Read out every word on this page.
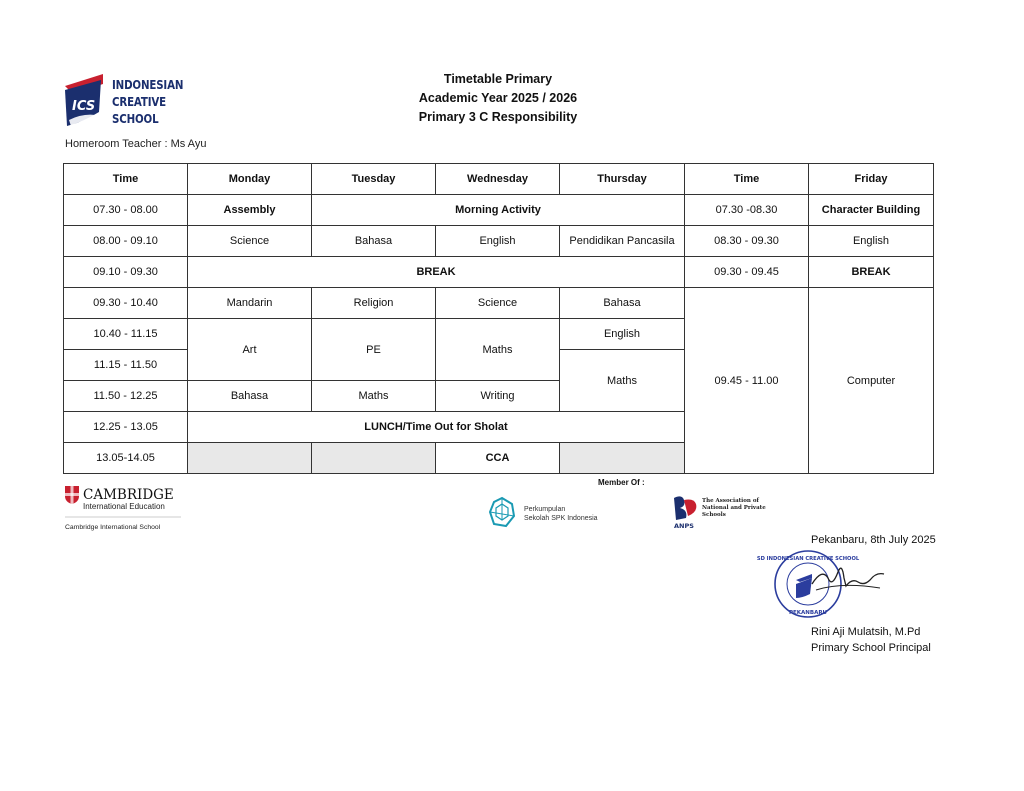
ICS
INDONESIAN
CREATIVE
SCHOOL
Timetable Primary
Academic Year 2025 / 2026
Primary 3 C Responsibility
Homeroom Teacher : Ms Ayu
Time	Monday	Tuesday	Wednesday	Thursday	Time	Friday
07.30 - 08.00	Assembly	Morning Activity			07.30 -08.30	Character Building
08.00 - 09.10	Science	Bahasa	English	Pendidikan Pancasila	08.30 - 09.30	English
09.10 - 09.30	BREAK				09.30 - 09.45	BREAK
09.30 - 10.40	Mandarin	Religion	Science	Bahasa	09.45 - 11.00	Computer
10.40 - 11.15	Art	PE	Maths	English		
11.15 - 11.50				Maths		
11.50 - 12.25	Bahasa	Maths	Writing			
12.25 - 13.05	LUNCH/Time Out for Sholat					
13.05-14.05			CCA			
CAMBRIDGE
International Education
Cambridge International School
Member Of :
Perkumpulan
Sekolah SPK Indonesia
ANPS
The Association of
National and Private
Schools
Pekanbaru, 8th July 2025
SD INDONESIAN CREATIVE SCHOOL
PEKANBARU
Rini Aji Mulatsih, M.Pd
Primary School Principal
